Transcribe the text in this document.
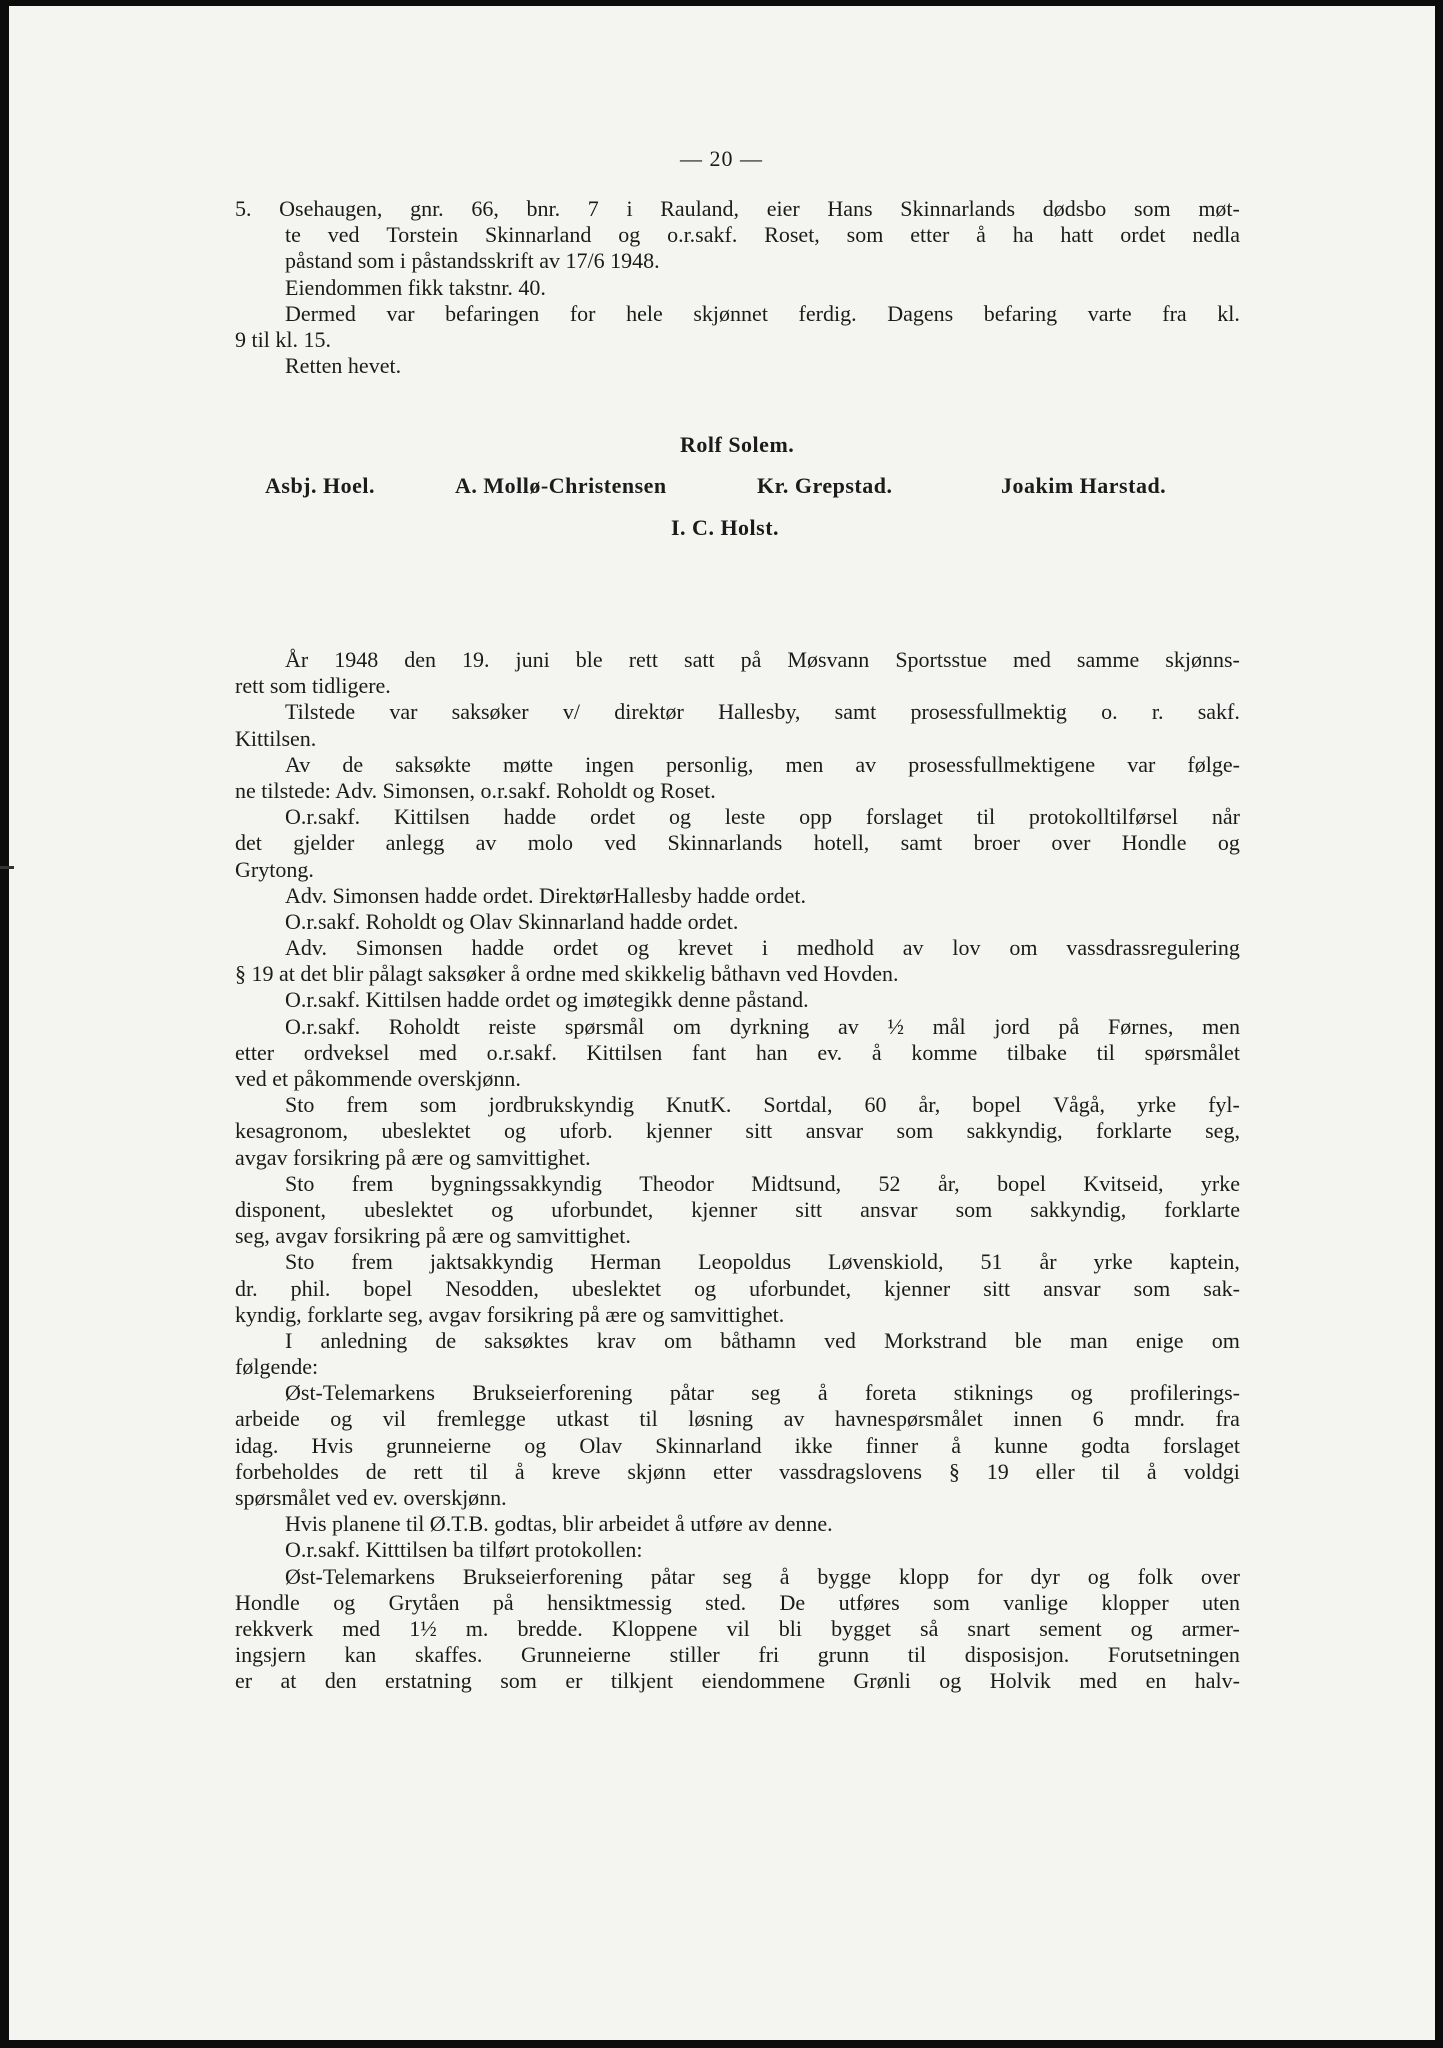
— 20 —
5. Osehaugen, gnr. 66, bnr. 7 i Rauland, eier Hans Skinnarlands dødsbo som møt-
te ved Torstein Skinnarland og o.r.sakf. Roset, som etter å ha hatt ordet nedla
påstand som i påstandsskrift av 17/6 1948.
Eiendommen fikk takstnr. 40.
Dermed var befaringen for hele skjønnet ferdig. Dagens befaring varte fra kl.
9 til kl. 15.
Retten hevet.
Rolf Solem.
Asbj. Hoel.	A. Mollø-Christensen	Kr. Grepstad.	Joakim Harstad.
I. C. Holst.
År 1948 den 19. juni ble rett satt på Møsvann Sportsstue med samme skjønns-
rett som tidligere.
Tilstede var saksøker v/ direktør Hallesby, samt prosessfullmektig o. r. sakf.
Kittilsen.
Av de saksøkte møtte ingen personlig, men av prosessfullmektigene var følge-
ne tilstede: Adv. Simonsen, o.r.sakf. Roholdt og Roset.
O.r.sakf. Kittilsen hadde ordet og leste opp forslaget til protokolltilførsel når
det gjelder anlegg av molo ved Skinnarlands hotell, samt broer over Hondle og
Grytong.
Adv. Simonsen hadde ordet. DirektørHallesby hadde ordet.
O.r.sakf. Roholdt og Olav Skinnarland hadde ordet.
Adv. Simonsen hadde ordet og krevet i medhold av lov om vassdrassregulering
§ 19 at det blir pålagt saksøker å ordne med skikkelig båthavn ved Hovden.
O.r.sakf. Kittilsen hadde ordet og imøtegikk denne påstand.
O.r.sakf. Roholdt reiste spørsmål om dyrkning av ½ mål jord på Førnes, men
etter ordveksel med o.r.sakf. Kittilsen fant han ev. å komme tilbake til spørsmålet
ved et påkommende overskjønn.
Sto frem som jordbrukskyndig KnutK. Sortdal, 60 år, bopel Vågå, yrke fyl-
kesagronom, ubeslektet og uforb. kjenner sitt ansvar som sakkyndig, forklarte seg,
avgav forsikring på ære og samvittighet.
Sto frem bygningssakkyndig Theodor Midtsund, 52 år, bopel Kvitseid, yrke
disponent, ubeslektet og uforbundet, kjenner sitt ansvar som sakkyndig, forklarte
seg, avgav forsikring på ære og samvittighet.
Sto frem jaktsakkyndig Herman Leopoldus Løvenskiold, 51 år yrke kaptein,
dr. phil. bopel Nesodden, ubeslektet og uforbundet, kjenner sitt ansvar som sak-
kyndig, forklarte seg, avgav forsikring på ære og samvittighet.
I anledning de saksøktes krav om båthamn ved Morkstrand ble man enige om
følgende:
Øst-Telemarkens Brukseierforening påtar seg å foreta stiknings og profilerings-
arbeide og vil fremlegge utkast til løsning av havnespørsmålet innen 6 mndr. fra
idag. Hvis grunneierne og Olav Skinnarland ikke finner å kunne godta forslaget
forbeholdes de rett til å kreve skjønn etter vassdragslovens § 19 eller til å voldgi
spørsmålet ved ev. overskjønn.
Hvis planene til Ø.T.B. godtas, blir arbeidet å utføre av denne.
O.r.sakf. Kitttilsen ba tilført protokollen:
Øst-Telemarkens Brukseierforening påtar seg å bygge klopp for dyr og folk over
Hondle og Grytåen på hensiktmessig sted. De utføres som vanlige klopper uten
rekkverk med 1½ m. bredde. Kloppene vil bli bygget så snart sement og armer-
ingsjern kan skaffes. Grunneierne stiller fri grunn til disposisjon. Forutsetningen
er at den erstatning som er tilkjent eiendommene Grønli og Holvik med en halv-
